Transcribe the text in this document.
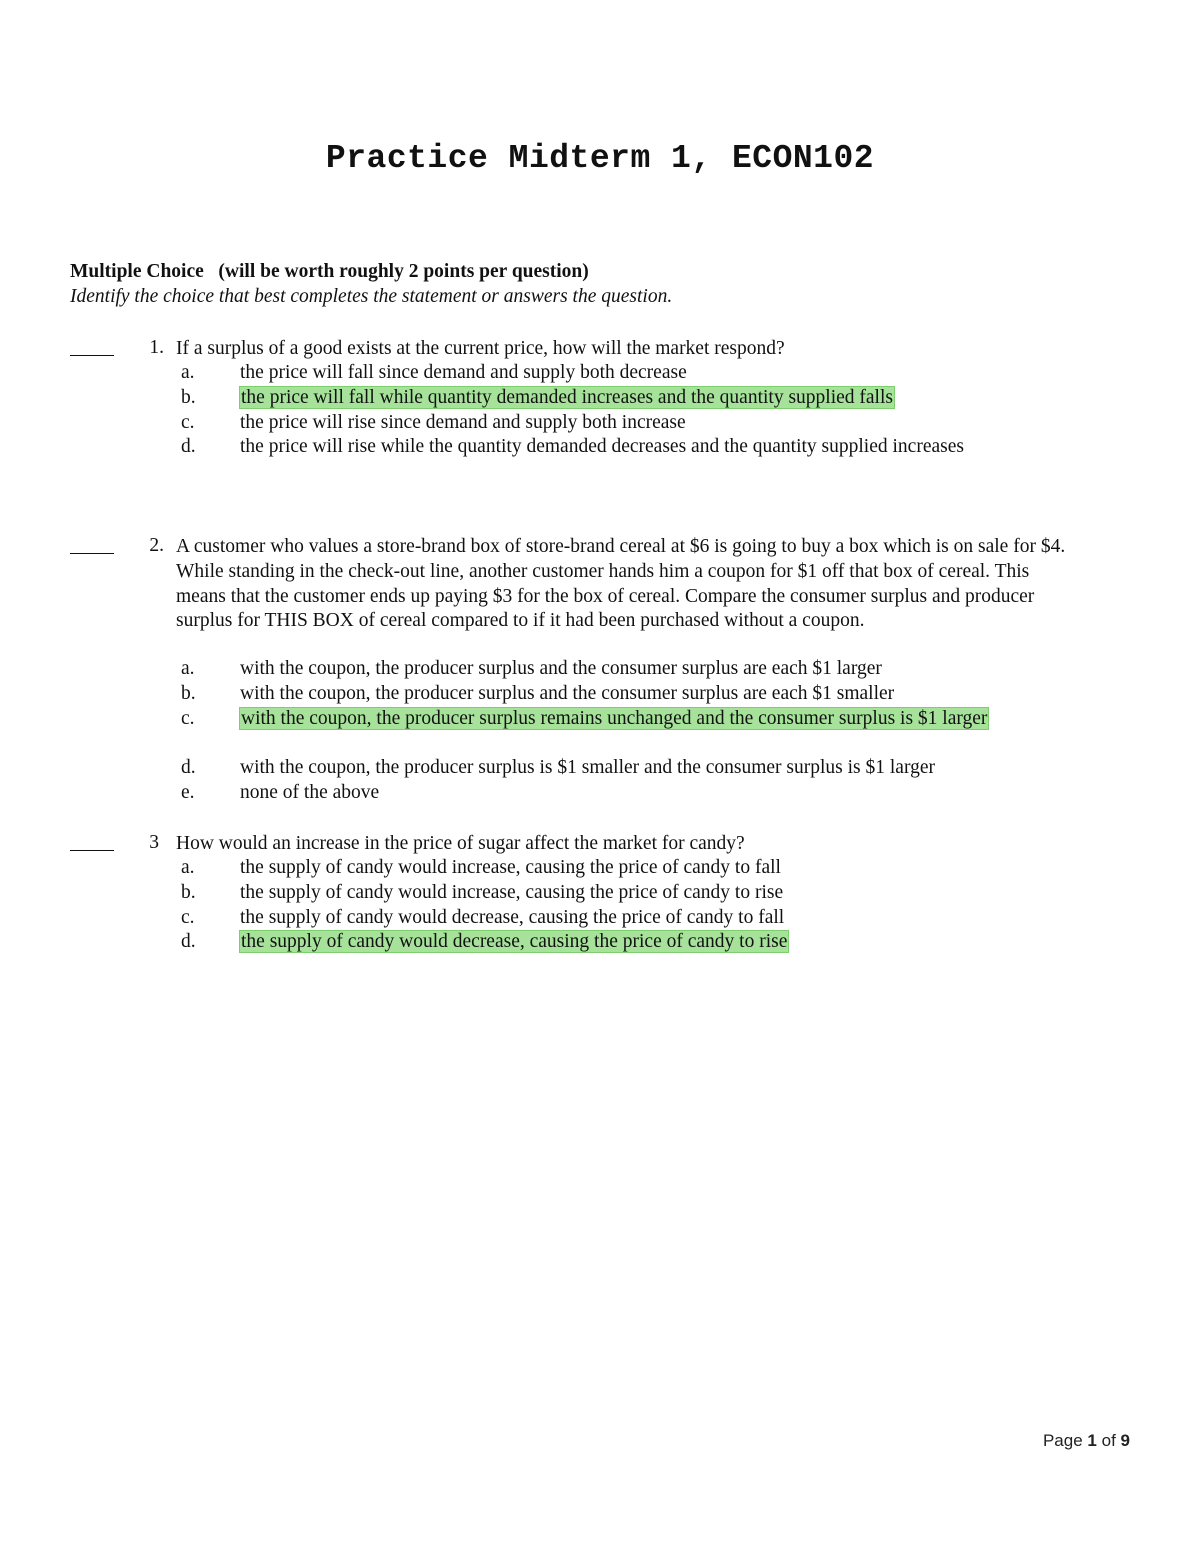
Practice Midterm 1, ECON102
Multiple Choice   (will be worth roughly 2 points per question)
Identify the choice that best completes the statement or answers the question.
1. If a surplus of a good exists at the current price, how will the market respond?
a. the price will fall since demand and supply both decrease
b. the price will fall while quantity demanded increases and the quantity supplied falls
c. the price will rise since demand and supply both increase
d. the price will rise while the quantity demanded decreases and the quantity supplied increases
2. A customer who values a store-brand box of store-brand cereal at $6 is going to buy a box which is on sale for $4. While standing in the check-out line, another customer hands him a coupon for $1 off that box of cereal. This means that the customer ends up paying $3 for the box of cereal. Compare the consumer surplus and producer surplus for THIS BOX of cereal compared to if it had been purchased without a coupon.
a. with the coupon, the producer surplus and the consumer surplus are each $1 larger
b. with the coupon, the producer surplus and the consumer surplus are each $1 smaller
c. with the coupon, the producer surplus remains unchanged and the consumer surplus is $1 larger
d. with the coupon, the producer surplus is $1 smaller and the consumer surplus is $1 larger
e. none of the above
3 How would an increase in the price of sugar affect the market for candy?
a. the supply of candy would increase, causing the price of candy to fall
b. the supply of candy would increase, causing the price of candy to rise
c. the supply of candy would decrease, causing the price of candy to fall
d. the supply of candy would decrease, causing the price of candy to rise
Page 1 of 9
